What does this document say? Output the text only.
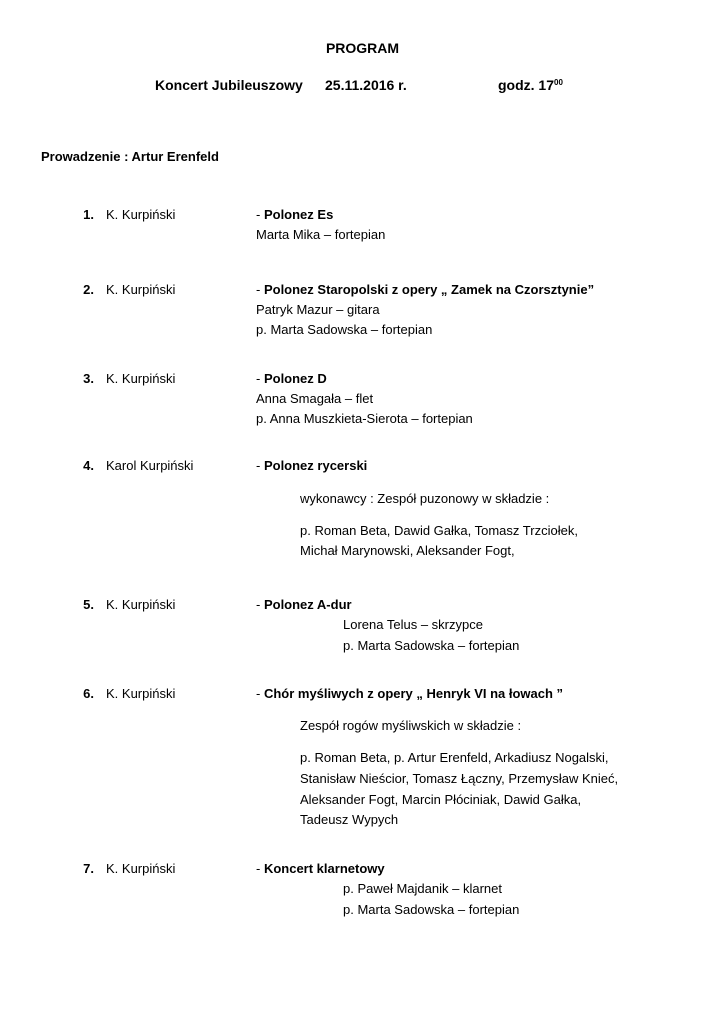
PROGRAM
Koncert Jubileuszowy 25.11.2016 r.	godz. $17^{00}$
Prowadzenie : Artur Erenfeld
1. K. Kurpiński	- Polonez Es
Marta Mika – fortepian
2. K. Kurpiński	- Polonez Staropolski z opery „ Zamek na Czorsztynie”
Patryk Mazur – gitara
p. Marta Sadowska – fortepian
3. K. Kurpiński	- Polonez D
Anna Smagała – flet
p. Anna Muszkieta-Sierota – fortepian
4. Karol Kurpiński	- Polonez rycerski
wykonawcy : Zespół puzonowy w składzie :
p. Roman Beta, Dawid Gałka, Tomasz Trzciołek,
Michał Marynowski, Aleksander Fogt,
5. K. Kurpiński	- Polonez A-dur
Lorena Telus – skrzypce
p. Marta Sadowska – fortepian
6. K. Kurpiński	- Chór myśliwych z opery „ Henryk VI na łowach ”
Zespół rogów myśliwskich w składzie :
p. Roman Beta, p. Artur Erenfeld, Arkadiusz Nogalski,
Stanisław Nieścior, Tomasz Łączny, Przemysław Knieć,
Aleksander Fogt, Marcin Płóciniak, Dawid Gałka,
Tadeusz Wypych
7. K. Kurpiński	- Koncert klarnetowy
p. Paweł Majdanik – klarnet
p. Marta Sadowska – fortepian
